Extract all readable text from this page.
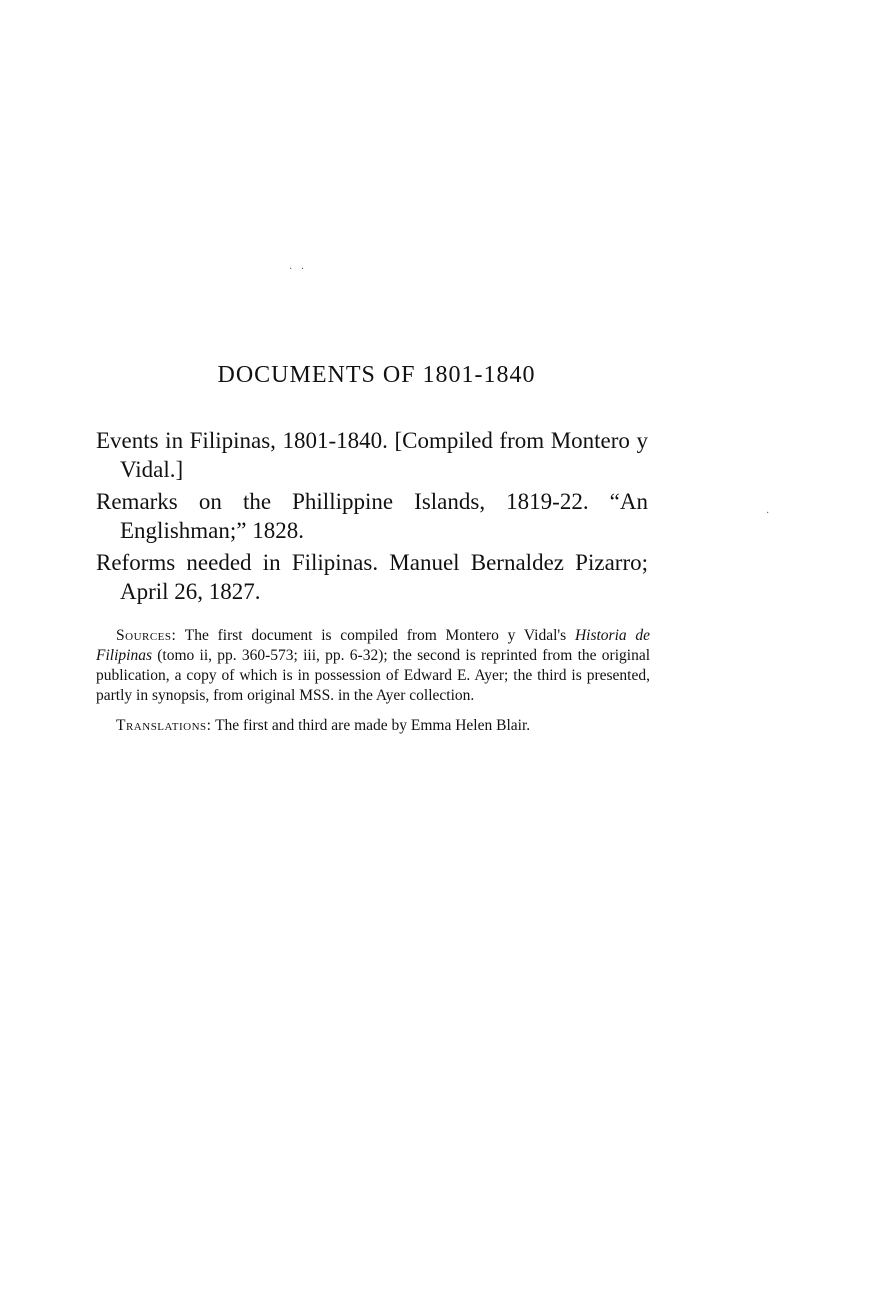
· ·
·
DOCUMENTS OF 1801-1840
Events in Filipinas, 1801-1840. [Compiled from Montero y Vidal.]
Remarks on the Phillippine Islands, 1819-22. “An Englishman;” 1828.
Reforms needed in Filipinas. Manuel Bernaldez Pizarro; April 26, 1827.

Sources: The first document is compiled from Montero y Vidal's Historia de Filipinas (tomo ii, pp. 360-573; iii, pp. 6-32); the second is reprinted from the original publication, a copy of which is in possession of Edward E. Ayer; the third is presented, partly in synopsis, from original MSS. in the Ayer collection.

Translations: The first and third are made by Emma Helen Blair.
